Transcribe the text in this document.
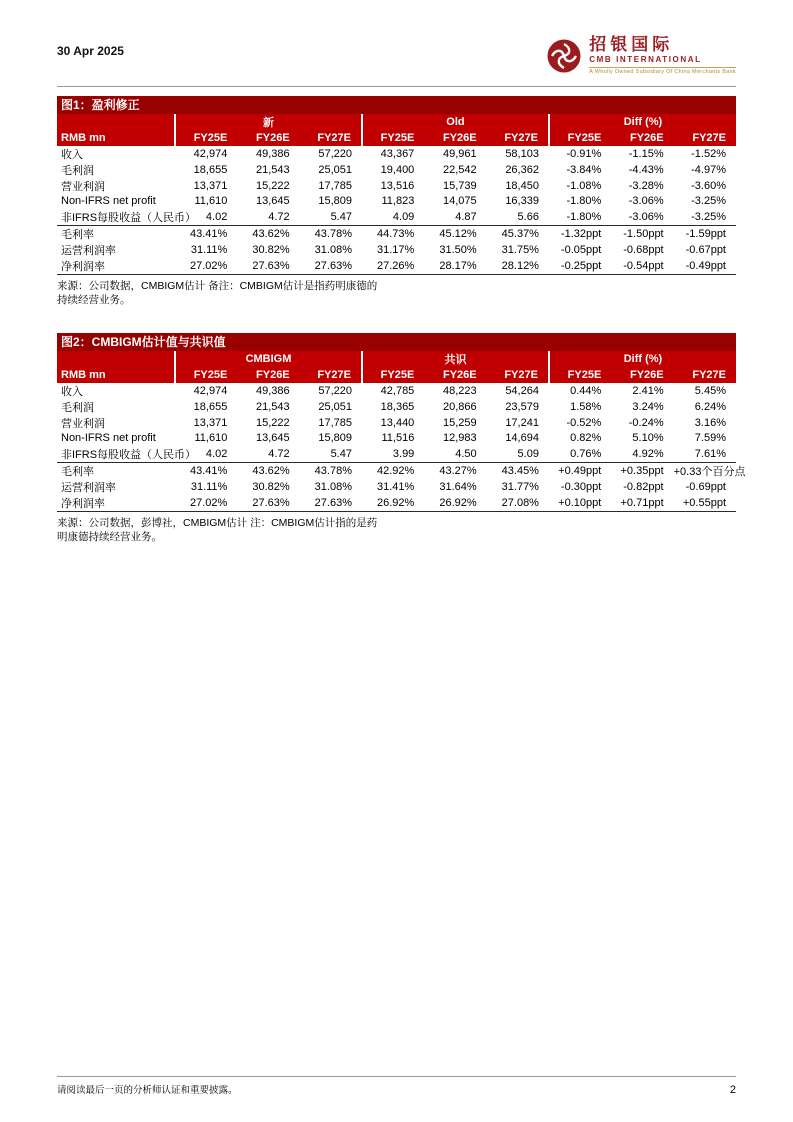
30 Apr 2025	招银国际
CMB INTERNATIONAL
A Wholly Owned Subsidiary Of China Merchants Bank
图1：盈利修正
	新			Old			Diff (%)		
RMB mn	FY25E	FY26E	FY27E	FY25E	FY26E	FY27E	FY25E	FY26E	FY27E
收入	42,974	49,386	57,220	43,367	49,961	58,103	-0.91%	-1.15%	-1.52%
毛利润	18,655	21,543	25,051	19,400	22,542	26,362	-3.84%	-4.43%	-4.97%
营业利润	13,371	15,222	17,785	13,516	15,739	18,450	-1.08%	-3.28%	-3.60%
Non-IFRS net profit	11,610	13,645	15,809	11,823	14,075	16,339	-1.80%	-3.06%	-3.25%
非IFRS每股收益（人民币）	4.02	4.72	5.47	4.09	4.87	5.66	-1.80%	-3.06%	-3.25%
毛利率	43.41%	43.62%	43.78%	44.73%	45.12%	45.37%	-1.32ppt	-1.50ppt	-1.59ppt
运营利润率	31.11%	30.82%	31.08%	31.17%	31.50%	31.75%	-0.05ppt	-0.68ppt	-0.67ppt
净利润率	27.02%	27.63%	27.63%	27.26%	28.17%	28.12%	-0.25ppt	-0.54ppt	-0.49ppt
来源：公司数据，CMBIGM估计 备注：CMBIGM估计是指药明康德的
持续经营业务。
图2：CMBIGM估计值与共识值
	CMBIGM			共识			Diff (%)		
RMB mn	FY25E	FY26E	FY27E	FY25E	FY26E	FY27E	FY25E	FY26E	FY27E
收入	42,974	49,386	57,220	42,785	48,223	54,264	0.44%	2.41%	5.45%
毛利润	18,655	21,543	25,051	18,365	20,866	23,579	1.58%	3.24%	6.24%
营业利润	13,371	15,222	17,785	13,440	15,259	17,241	-0.52%	-0.24%	3.16%
Non-IFRS net profit	11,610	13,645	15,809	11,516	12,983	14,694	0.82%	5.10%	7.59%
非IFRS每股收益（人民币）	4.02	4.72	5.47	3.99	4.50	5.09	0.76%	4.92%	7.61%
毛利率	43.41%	43.62%	43.78%	42.92%	43.27%	43.45%	+0.49ppt	+0.35ppt	+0.33个百分点
运营利润率	31.11%	30.82%	31.08%	31.41%	31.64%	31.77%	-0.30ppt	-0.82ppt	-0.69ppt
净利润率	27.02%	27.63%	27.63%	26.92%	26.92%	27.08%	+0.10ppt	+0.71ppt	+0.55ppt
来源：公司数据，彭博社，CMBIGM估计 注：CMBIGM估计指的是药
明康德持续经营业务。
请阅读最后一页的分析师认证和重要披露。	2
